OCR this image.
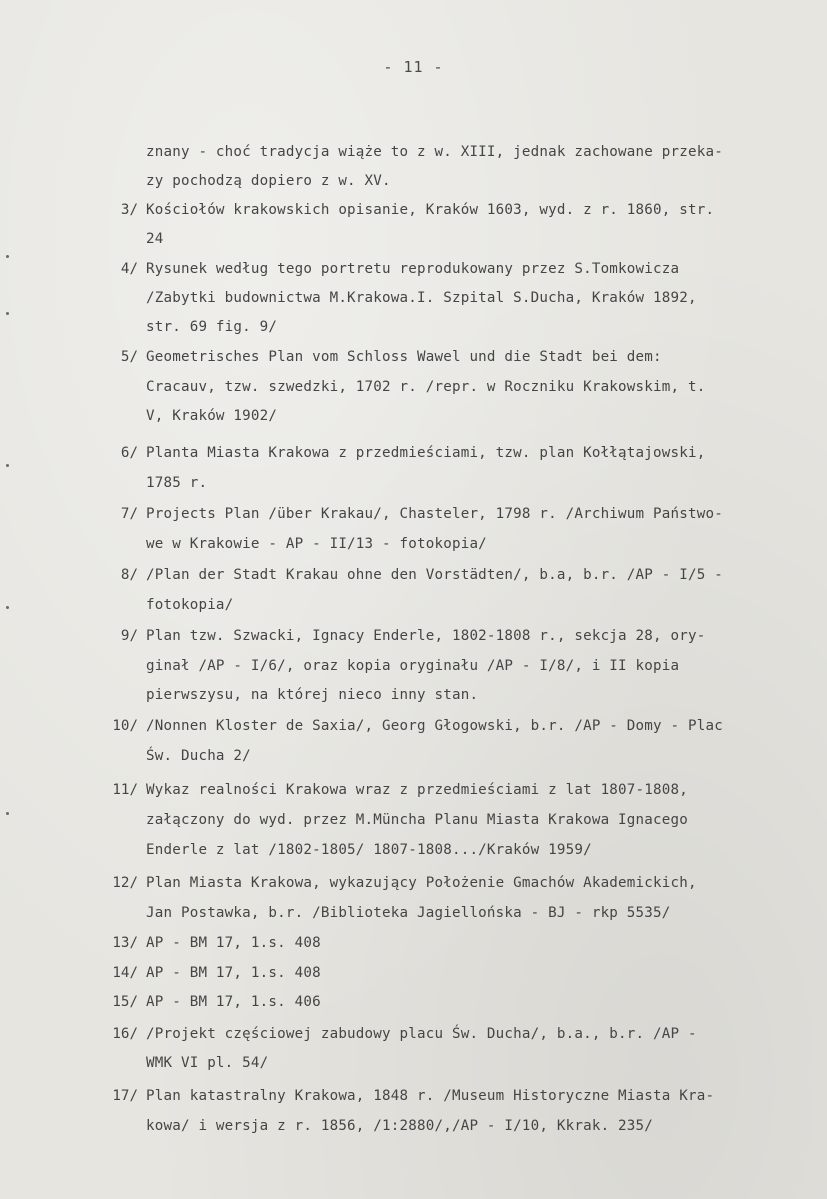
- 11 -
znany - choć tradycja wiąże to z w. XIII, jednak zachowane przeka-
zy pochodzą dopiero z w. XV.
3/ Kościołów krakowskich opisanie, Kraków 1603, wyd. z r. 1860, str.
24
4/ Rysunek według tego portretu reprodukowany przez S.Tomkowicza
/Zabytki budownictwa M.Krakowa.I. Szpital S.Ducha, Kraków 1892,
str. 69 fig. 9/
5/ Geometrisches Plan vom Schloss Wawel und die Stadt bei dem:
Cracauv, tzw. szwedzki, 1702 r. /repr. w Roczniku Krakowskim, t.
V, Kraków 1902/
6/ Planta Miasta Krakowa z przedmieściami, tzw. plan Kołłątajowski,
1785 r.
7/ Projects Plan /über Krakau/, Chasteler, 1798 r. /Archiwum Państwo-
we w Krakowie - AP - II/13 - fotokopia/
8/ /Plan der Stadt Krakau ohne den Vorstädten/, b.a, b.r. /AP - I/5 -
fotokopia/
9/ Plan tzw. Szwacki, Ignacy Enderle, 1802-1808 r., sekcja 28, ory-
ginał /AP - I/6/, oraz kopia oryginału /AP - I/8/, i II kopia
pierwszysu, na której nieco inny stan.
10/ /Nonnen Kloster de Saxia/, Georg Głogowski, b.r. /AP - Domy - Plac
Św. Ducha 2/
11/ Wykaz realności Krakowa wraz z przedmieściami z lat 1807-1808,
załączony do wyd. przez M.Müncha Planu Miasta Krakowa Ignacego
Enderle z lat /1802-1805/ 1807-1808.../Kraków 1959/
12/ Plan Miasta Krakowa, wykazujący Położenie Gmachów Akademickich,
Jan Postawka, b.r. /Biblioteka Jagiellońska - BJ - rkp 5535/
13/ AP - BM 17, 1.s. 408
14/ AP - BM 17, 1.s. 408
15/ AP - BM 17, 1.s. 406
16/ /Projekt częściowej zabudowy placu Św. Ducha/, b.a., b.r. /AP -
WMK VI pl. 54/
17/ Plan katastralny Krakowa, 1848 r. /Museum Historyczne Miasta Kra-
kowa/ i wersja z r. 1856, /1:2880/,/AP - I/10, Kkrak. 235/
